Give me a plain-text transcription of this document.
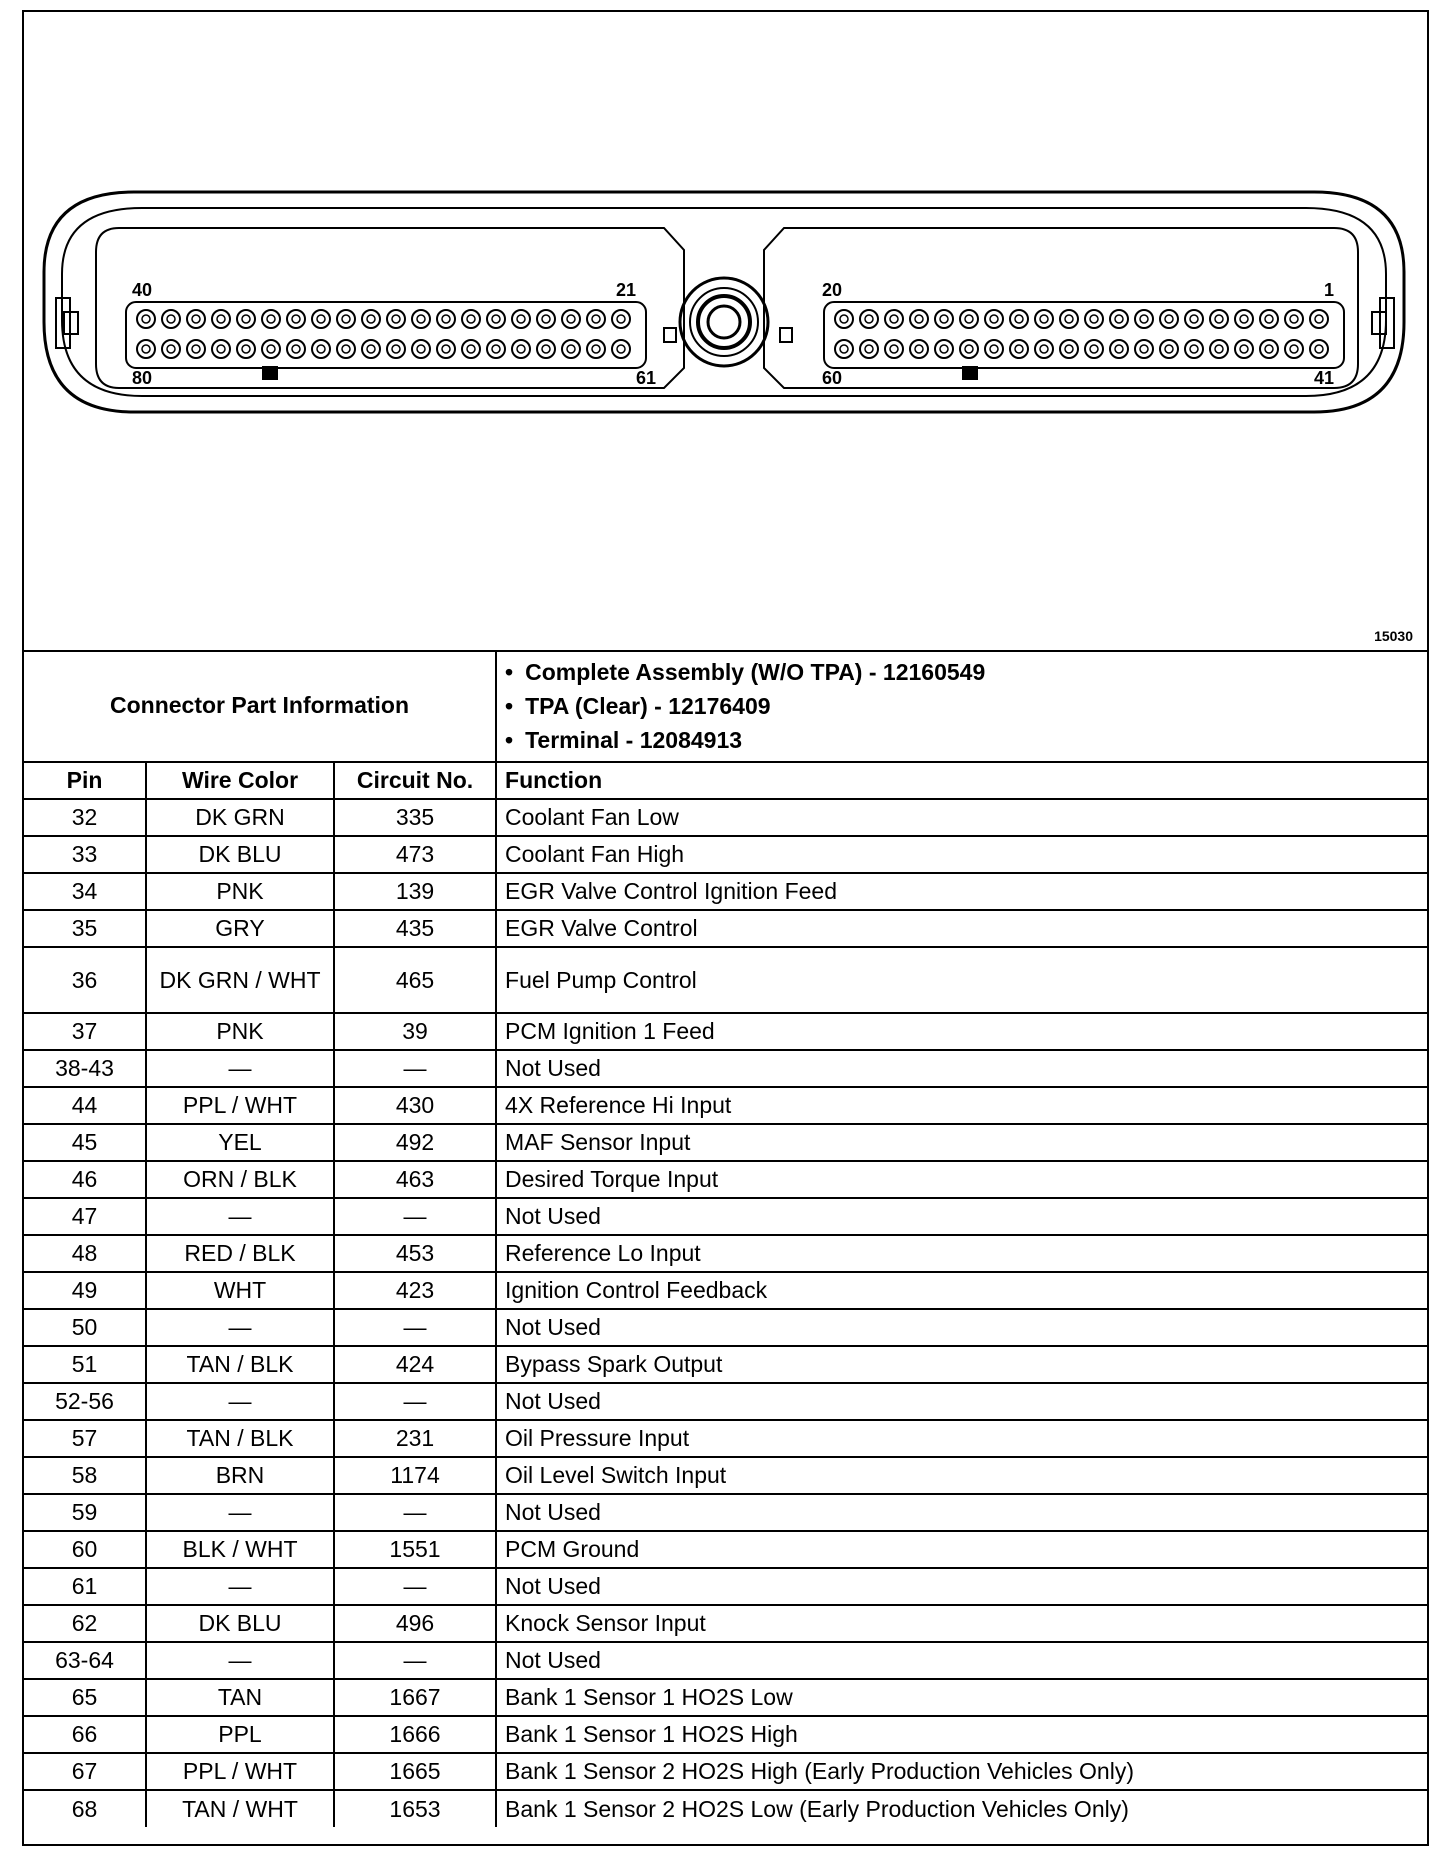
40	21
80	61
20	1
60	41
15030
Connector Part Information			• Complete Assembly (W/O TPA) - 12160549
• TPA (Clear) - 12176409
• Terminal - 12084913

Pin	Wire Color	Circuit No.	Function
32	DK GRN	335	Coolant Fan Low
33	DK BLU	473	Coolant Fan High
34	PNK	139	EGR Valve Control Ignition Feed
35	GRY	435	EGR Valve Control
36	DK GRN / WHT	465	Fuel Pump Control
37	PNK	39	PCM Ignition 1 Feed
38-43	—	—	Not Used
44	PPL / WHT	430	4X Reference Hi Input
45	YEL	492	MAF Sensor Input
46	ORN / BLK	463	Desired Torque Input
47	—	—	Not Used
48	RED / BLK	453	Reference Lo Input
49	WHT	423	Ignition Control Feedback
50	—	—	Not Used
51	TAN / BLK	424	Bypass Spark Output
52-56	—	—	Not Used
57	TAN / BLK	231	Oil Pressure Input
58	BRN	1174	Oil Level Switch Input
59	—	—	Not Used
60	BLK / WHT	1551	PCM Ground
61	—	—	Not Used
62	DK BLU	496	Knock Sensor Input
63-64	—	—	Not Used
65	TAN	1667	Bank 1 Sensor 1 HO2S Low
66	PPL	1666	Bank 1 Sensor 1 HO2S High
67	PPL / WHT	1665	Bank 1 Sensor 2 HO2S High (Early Production Vehicles Only)
68	TAN / WHT	1653	Bank 1 Sensor 2 HO2S Low (Early Production Vehicles Only)
